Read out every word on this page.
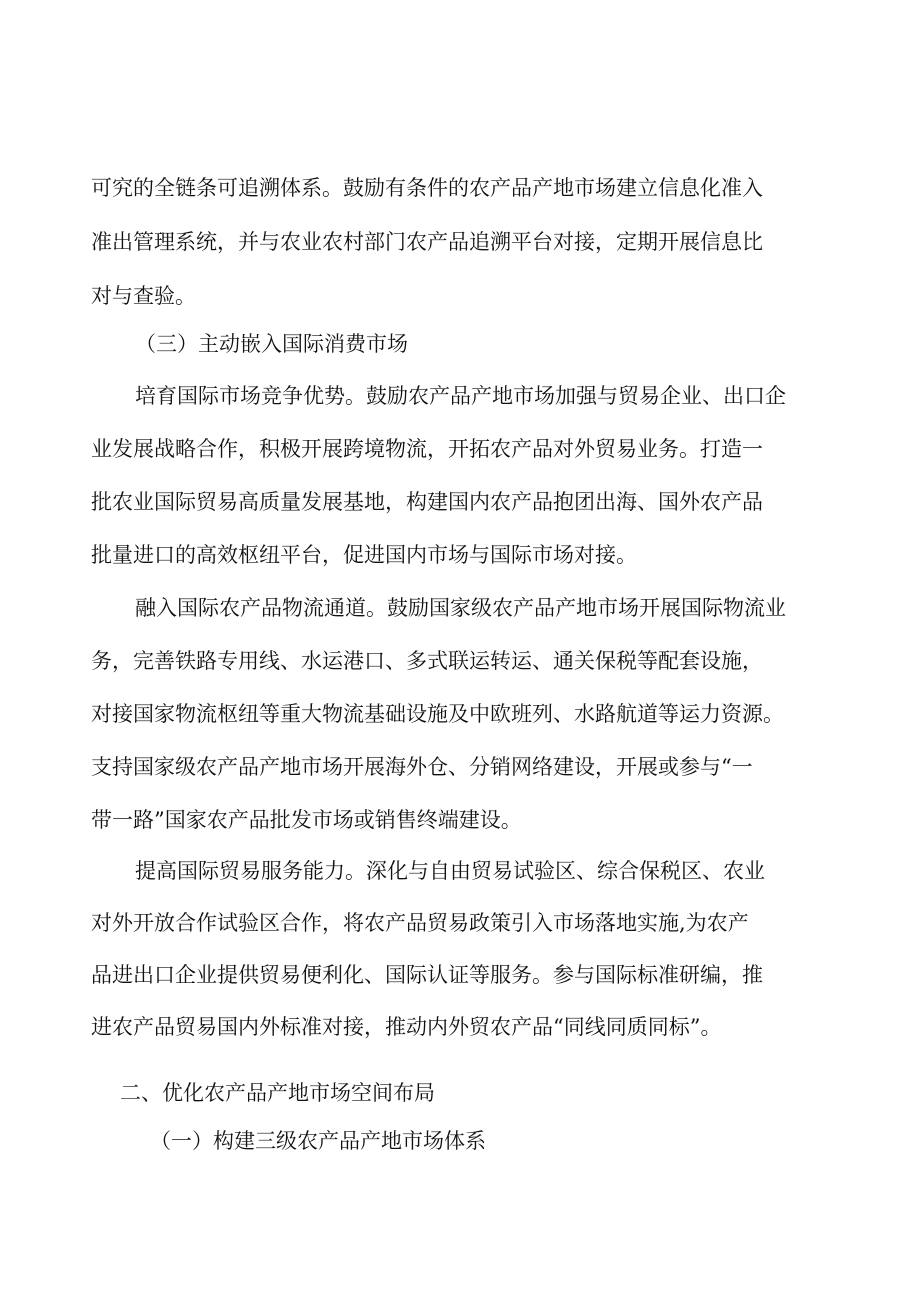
可究的全链条可追溯体系。鼓励有条件的农产品产地市场建立信息化准入
准出管理系统，并与农业农村部门农产品追溯平台对接，定期开展信息比
对与查验。
（三）主动嵌入国际消费市场
培育国际市场竞争优势。鼓励农产品产地市场加强与贸易企业、出口企
业发展战略合作，积极开展跨境物流，开拓农产品对外贸易业务。打造一
批农业国际贸易高质量发展基地，构建国内农产品抱团出海、国外农产品
批量进口的高效枢纽平台，促进国内市场与国际市场对接。
融入国际农产品物流通道。鼓励国家级农产品产地市场开展国际物流业
务，完善铁路专用线、水运港口、多式联运转运、通关保税等配套设施，
对接国家物流枢纽等重大物流基础设施及中欧班列、水路航道等运力资源。
支持国家级农产品产地市场开展海外仓、分销网络建设，开展或参与“一
带一路”国家农产品批发市场或销售终端建设。
提高国际贸易服务能力。深化与自由贸易试验区、综合保税区、农业
对外开放合作试验区合作，将农产品贸易政策引入市场落地实施,为农产
品进出口企业提供贸易便利化、国际认证等服务。参与国际标准研编，推
进农产品贸易国内外标准对接，推动内外贸农产品“同线同质同标”。
二、优化农产品产地市场空间布局
（一）构建三级农产品产地市场体系
